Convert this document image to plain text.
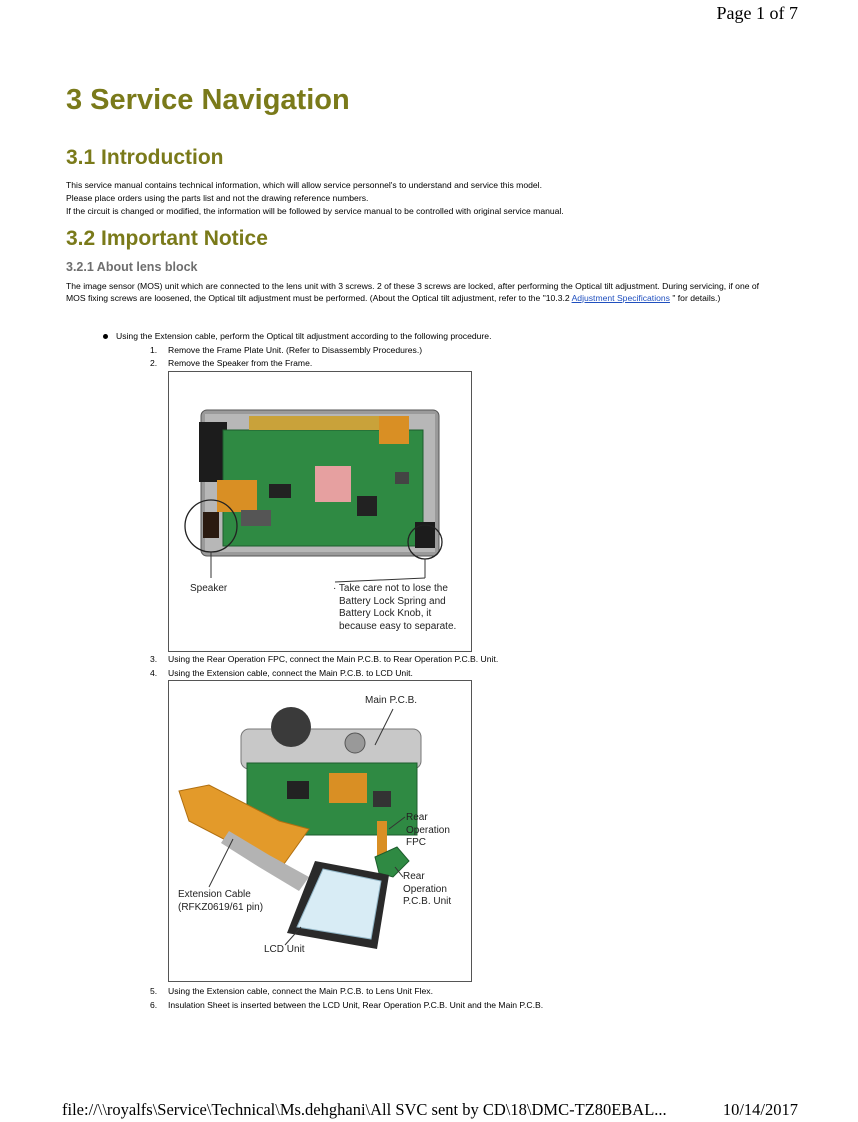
Page 1 of 7
3 Service Navigation
3.1 Introduction

This service manual contains technical information, which will allow service personnel's to understand and service this model.

Please place orders using the parts list and not the drawing reference numbers.

If the circuit is changed or modified, the information will be followed by service manual to be controlled with original service manual.

3.2 Important Notice
3.2.1 About lens block
The image sensor (MOS) unit which are connected to the lens unit with 3 screws. 2 of these 3 screws are locked, after performing the Optical tilt adjustment. During servicing, if one of MOS fixing screws are loosened, the Optical tilt adjustment must be performed. (About the Optical tilt adjustment, refer to the "10.3.2 Adjustment Specifications " for details.)
Using the Extension cable, perform the Optical tilt adjustment according to the following procedure.
1. Remove the Frame Plate Unit. (Refer to Disassembly Procedures.)
2. Remove the Speaker from the Frame.
Speaker	· Take care not to lose the
Battery Lock Spring and
Battery Lock Knob, it
because easy to separate.
3. Using the Rear Operation FPC, connect the Main P.C.B. to Rear Operation P.C.B. Unit.
4. Using the Extension cable, connect the Main P.C.B. to LCD Unit.
Main P.C.B.
Rear
Operation
FPC
Rear
Operation
P.C.B. Unit
Extension Cable
(RFKZ0619/61 pin)
LCD Unit
5. Using the Extension cable, connect the Main P.C.B. to Lens Unit Flex.
6. Insulation Sheet is inserted between the LCD Unit, Rear Operation P.C.B. Unit and the Main P.C.B.
file://\\royalfs\Service\Technical\Ms.dehghani\All SVC sent by CD\18\DMC-TZ80EBAL...	10/14/2017
